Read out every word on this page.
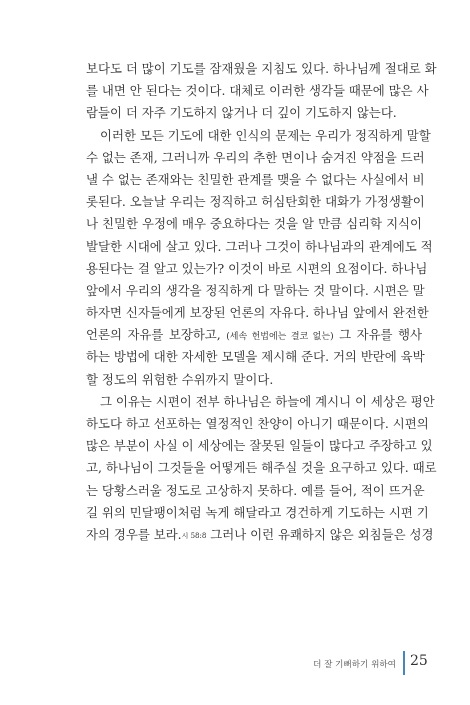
보다도 더 많이 기도를 잠재웠을 지침도 있다. 하나님께 절대로 화
를 내면 안 된다는 것이다. 대체로 이러한 생각들 때문에 많은 사
람들이 더 자주 기도하지 않거나 더 깊이 기도하지 않는다.
이러한 모든 기도에 대한 인식의 문제는 우리가 정직하게 말할
수 없는 존재, 그러니까 우리의 추한 면이나 숨겨진 약점을 드러
낼 수 없는 존재와는 친밀한 관계를 맺을 수 없다는 사실에서 비
롯된다. 오늘날 우리는 정직하고 허심탄회한 대화가 가정생활이
나 친밀한 우정에 매우 중요하다는 것을 알 만큼 심리학 지식이
발달한 시대에 살고 있다. 그러나 그것이 하나님과의 관계에도 적
용된다는 걸 알고 있는가? 이것이 바로 시편의 요점이다. 하나님
앞에서 우리의 생각을 정직하게 다 말하는 것 말이다. 시편은 말
하자면 신자들에게 보장된 언론의 자유다. 하나님 앞에서 완전한
언론의 자유를 보장하고, (세속 헌법에는 결코 없는) 그 자유를 행사
하는 방법에 대한 자세한 모델을 제시해 준다. 거의 반란에 육박
할 정도의 위험한 수위까지 말이다.
그 이유는 시편이 전부 하나님은 하늘에 계시니 이 세상은 평안
하도다 하고 선포하는 열정적인 찬양이 아니기 때문이다. 시편의
많은 부분이 사실 이 세상에는 잘못된 일들이 많다고 주장하고 있
고, 하나님이 그것들을 어떻게든 해주실 것을 요구하고 있다. 때로
는 당황스러울 정도로 고상하지 못하다. 예를 들어, 적이 뜨거운
길 위의 민달팽이처럼 녹게 해달라고 경건하게 기도하는 시편 기
자의 경우를 보라.시 58:8 그러나 이런 유쾌하지 않은 외침들은 성경
더 잘 기뻐하기 위하여 25
